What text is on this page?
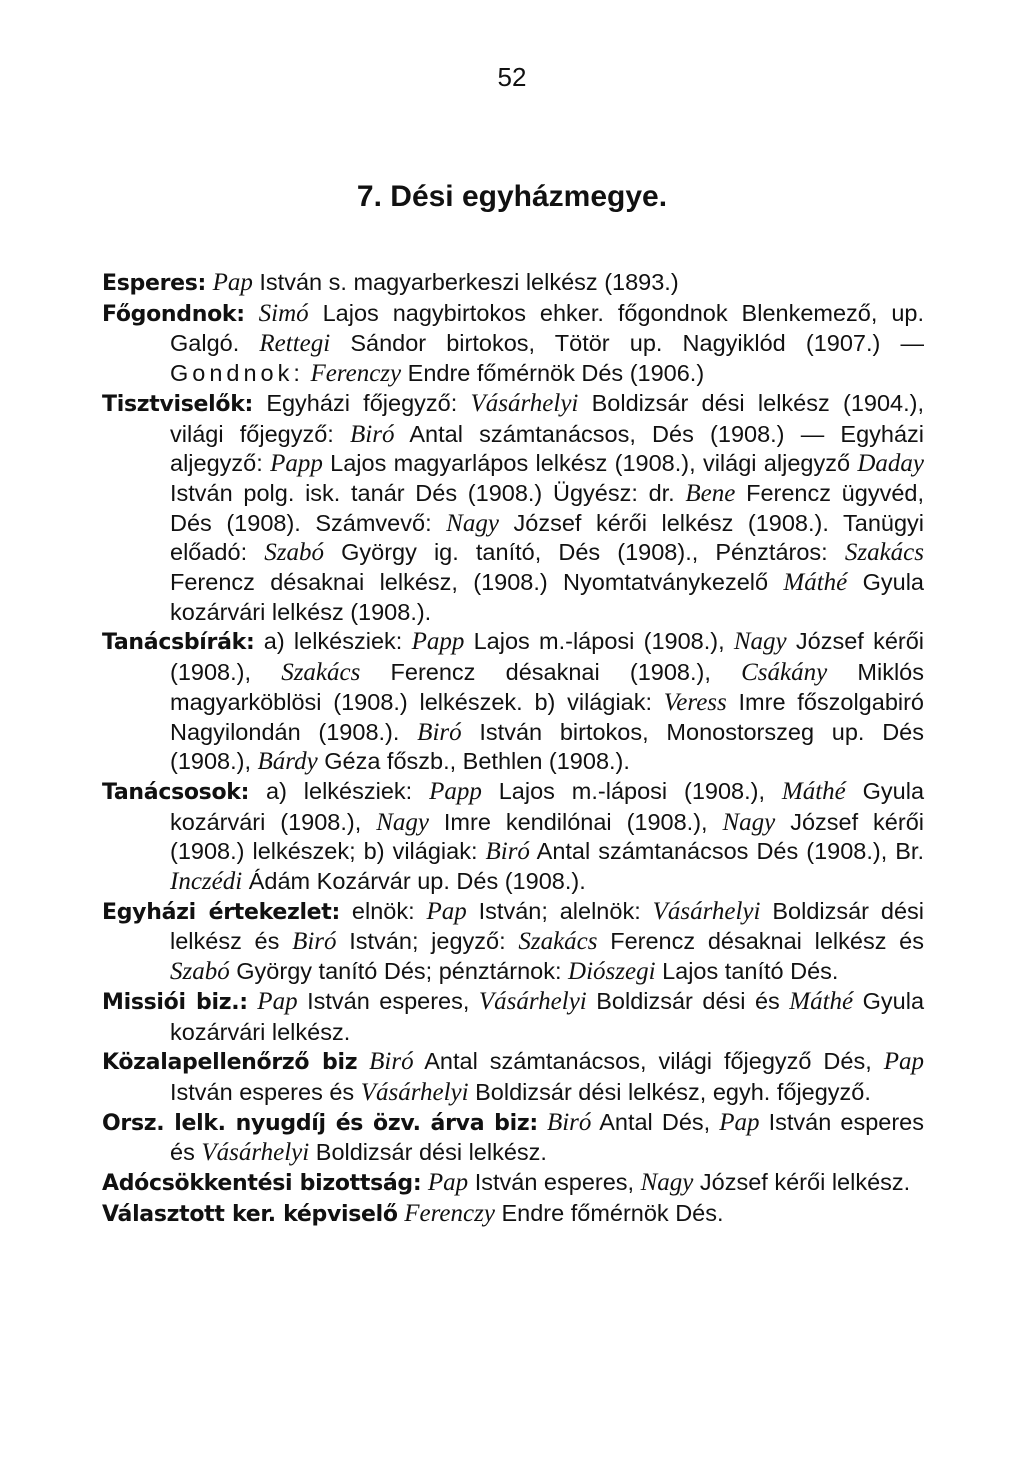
52
7. Dési egyházmegye.

Esperes: Pap István s. magyarberkeszi lelkész (1893.)

Főgondnok: Simó Lajos nagybirtokos ehker. főgondnok Blenkemező, up. Galgó. Rettegi Sándor birtokos, Tötör up. Nagyiklód (1907.) — Gondnok: Ferenczy Endre főmérnök Dés (1906.)

Tisztviselők: Egyházi főjegyző: Vásárhelyi Boldizsár dési lelkész (1904.), világi főjegyző: Biró Antal számtanácsos, Dés (1908.) — Egyházi aljegyző: Papp Lajos magyarlápos lelkész (1908.), világi aljegyző Daday István polg. isk. tanár Dés (1908.) Ügyész: dr. Bene Ferencz ügyvéd, Dés (1908). Számvevő: Nagy József kérői lelkész (1908.). Tanügyi előadó: Szabó György ig. tanító, Dés (1908)., Pénztáros: Szakács Ferencz désaknai lelkész, (1908.) Nyomtatványkezelő Máthé Gyula kozárvári lelkész (1908.).

Tanácsbírák: a) lelkésziek: Papp Lajos m.-láposi (1908.), Nagy József kérői (1908.), Szakács Ferencz désaknai (1908.), Csákány Miklós magyarköblösi (1908.) lelkészek. b) világiak: Veress Imre főszolgabiró Nagyilondán (1908.). Biró István birtokos, Monostorszeg up. Dés (1908.), Bárdy Géza főszb., Bethlen (1908.).

Tanácsosok: a) lelkésziek: Papp Lajos m.-láposi (1908.), Máthé Gyula kozárvári (1908.), Nagy Imre kendilónai (1908.), Nagy József kérői (1908.) lelkészek; b) világiak: Biró Antal számtanácsos Dés (1908.), Br. Inczédi Ádám Kozárvár up. Dés (1908.).

Egyházi értekezlet: elnök: Pap István; alelnök: Vásárhelyi Boldizsár dési lelkész és Biró István; jegyző: Szakács Ferencz désaknai lelkész és Szabó György tanító Dés; pénztárnok: Diószegi Lajos tanító Dés.

Missiói biz.: Pap István esperes, Vásárhelyi Boldizsár dési és Máthé Gyula kozárvári lelkész.

Közalapellenőrző biz Biró Antal számtanácsos, világi főjegyző Dés, Pap István esperes és Vásárhelyi Boldizsár dési lelkész, egyh. főjegyző.

Orsz. lelk. nyugdíj és özv. árva biz: Biró Antal Dés, Pap István esperes és Vásárhelyi Boldizsár dési lelkész.

Adócsökkentési bizottság: Pap István esperes, Nagy József kérői lelkész.

Választott ker. képviselő Ferenczy Endre főmérnök Dés.
